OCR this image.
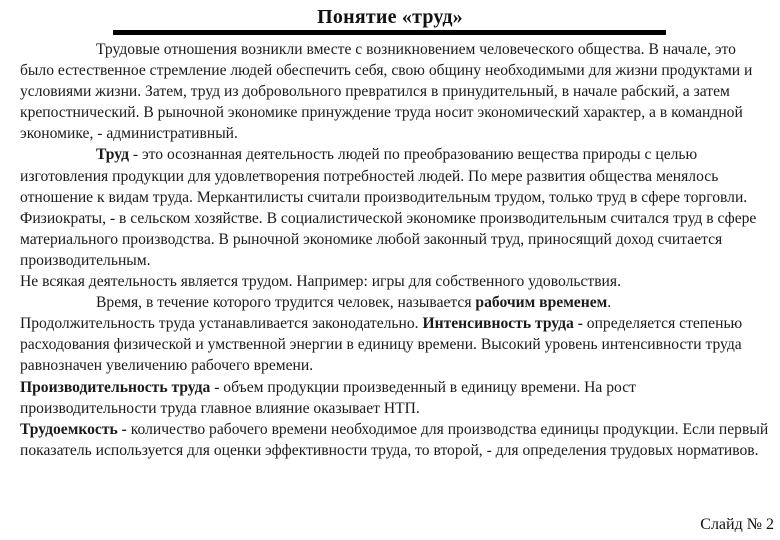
Понятие «труд»

Трудовые отношения возникли вместе с возникновением человеческого общества. В начале, это было естественное стремление людей обеспечить себя, свою общину необходимыми для жизни продуктами и условиями жизни. Затем, труд из добровольного превратился в принудительный, в начале рабский, а затем крепостнический. В рыночной экономике принуждение труда носит экономический характер, а в командной экономике, - административный.

Труд - это осознанная деятельность людей по преобразованию вещества природы с целью изготовления продукции для удовлетворения потребностей людей. По мере развития общества менялось отношение к видам труда. Меркантилисты считали производительным трудом, только труд в сфере торговли. Физиократы, - в сельском хозяйстве. В социалистической экономике производительным считался труд в сфере материального производства. В рыночной экономике любой законный труд, приносящий доход считается производительным.

Не всякая деятельность является трудом. Например: игры для собственного удовольствия.

Время, в течение которого трудится человек, называется рабочим временем.

Продолжительность труда устанавливается законодательно. Интенсивность труда - определяется степенью расходования физической и умственной энергии в единицу времени. Высокий уровень интенсивности труда равнозначен увеличению рабочего времени.

Производительность труда - объем продукции произведенный в единицу времени. На рост производительности труда главное влияние оказывает НТП.

Трудоемкость - количество рабочего времени необходимое для производства единицы продукции. Если первый показатель используется для оценки эффективности труда, то второй, - для определения трудовых нормативов.

Слайд № 2
